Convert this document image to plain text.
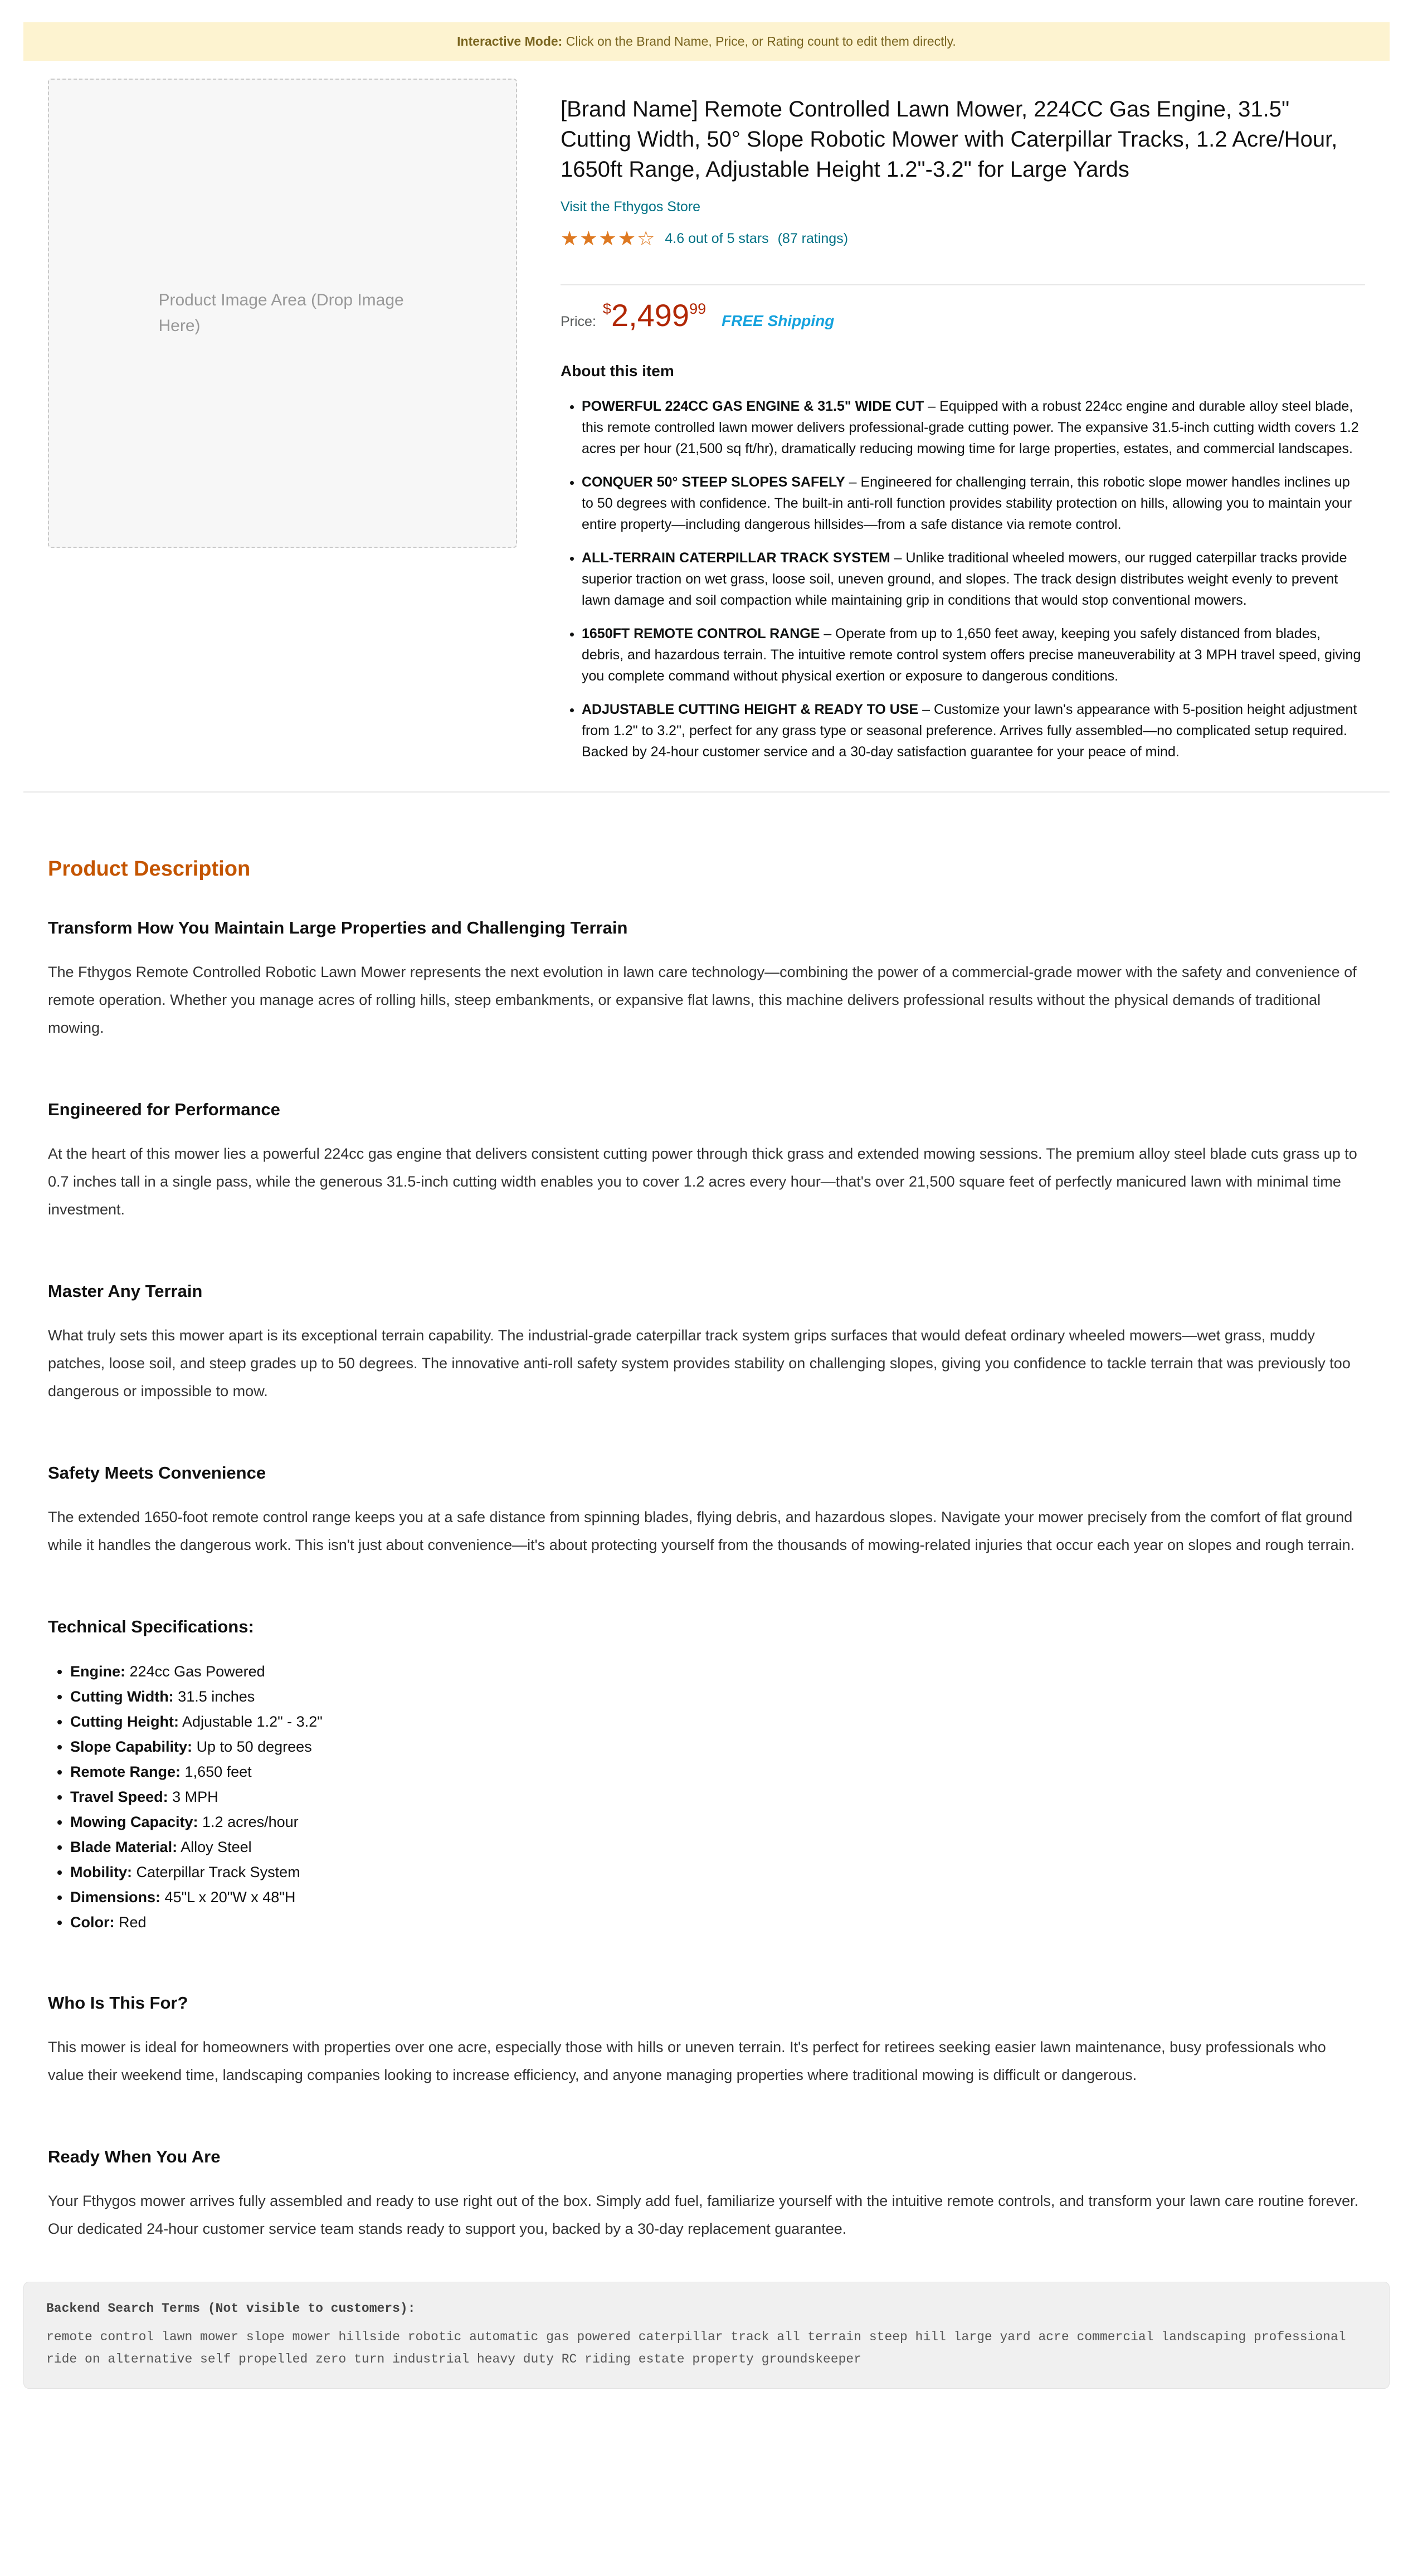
Interactive Mode: Click on the Brand Name, Price, or Rating count to edit them directly.
Product Image Area (Drop Image Here)
[Brand Name] Remote Controlled Lawn Mower, 224CC Gas Engine, 31.5" Cutting Width, 50° Slope Robotic Mower with Caterpillar Tracks, 1.2 Acre/Hour, 1650ft Range, Adjustable Height 1.2"-3.2" for Large Yards
Visit the Fthygos Store
★★★★☆ 4.6 out of 5 stars (87 ratings)
Price:
$2,499$^{99}$
FREE Shipping
About this item
• POWERFUL 224CC GAS ENGINE & 31.5" WIDE CUT – Equipped with a robust 224cc engine and durable alloy steel blade, this remote controlled lawn mower delivers professional-grade cutting power. The expansive 31.5-inch cutting width covers 1.2 acres per hour (21,500 sq ft/hr), dramatically reducing mowing time for large properties, estates, and commercial landscapes.
• CONQUER 50° STEEP SLOPES SAFELY – Engineered for challenging terrain, this robotic slope mower handles inclines up to 50 degrees with confidence. The built-in anti-roll function provides stability protection on hills, allowing you to maintain your entire property—including dangerous hillsides—from a safe distance via remote control.
• ALL-TERRAIN CATERPILLAR TRACK SYSTEM – Unlike traditional wheeled mowers, our rugged caterpillar tracks provide superior traction on wet grass, loose soil, uneven ground, and slopes. The track design distributes weight evenly to prevent lawn damage and soil compaction while maintaining grip in conditions that would stop conventional mowers.
• 1650FT REMOTE CONTROL RANGE – Operate from up to 1,650 feet away, keeping you safely distanced from blades, debris, and hazardous terrain. The intuitive remote control system offers precise maneuverability at 3 MPH travel speed, giving you complete command without physical exertion or exposure to dangerous conditions.
• ADJUSTABLE CUTTING HEIGHT & READY TO USE – Customize your lawn's appearance with 5-position height adjustment from 1.2" to 3.2", perfect for any grass type or seasonal preference. Arrives fully assembled—no complicated setup required. Backed by 24-hour customer service and a 30-day satisfaction guarantee for your peace of mind.
Product Description
Transform How You Maintain Large Properties and Challenging Terrain

The Fthygos Remote Controlled Robotic Lawn Mower represents the next evolution in lawn care technology—combining the power of a commercial-grade mower with the safety and convenience of remote operation. Whether you manage acres of rolling hills, steep embankments, or expansive flat lawns, this machine delivers professional results without the physical demands of traditional mowing.

Engineered for Performance

At the heart of this mower lies a powerful 224cc gas engine that delivers consistent cutting power through thick grass and extended mowing sessions. The premium alloy steel blade cuts grass up to 0.7 inches tall in a single pass, while the generous 31.5-inch cutting width enables you to cover 1.2 acres every hour—that's over 21,500 square feet of perfectly manicured lawn with minimal time investment.

Master Any Terrain

What truly sets this mower apart is its exceptional terrain capability. The industrial-grade caterpillar track system grips surfaces that would defeat ordinary wheeled mowers—wet grass, muddy patches, loose soil, and steep grades up to 50 degrees. The innovative anti-roll safety system provides stability on challenging slopes, giving you confidence to tackle terrain that was previously too dangerous or impossible to mow.

Safety Meets Convenience

The extended 1650-foot remote control range keeps you at a safe distance from spinning blades, flying debris, and hazardous slopes. Navigate your mower precisely from the comfort of flat ground while it handles the dangerous work. This isn't just about convenience—it's about protecting yourself from the thousands of mowing-related injuries that occur each year on slopes and rough terrain.

Technical Specifications:
• Engine: 224cc Gas Powered
• Cutting Width: 31.5 inches
• Cutting Height: Adjustable 1.2" - 3.2"
• Slope Capability: Up to 50 degrees
• Remote Range: 1,650 feet
• Travel Speed: 3 MPH
• Mowing Capacity: 1.2 acres/hour
• Blade Material: Alloy Steel
• Mobility: Caterpillar Track System
• Dimensions: 45"L x 20"W x 48"H
• Color: Red
Who Is This For?

This mower is ideal for homeowners with properties over one acre, especially those with hills or uneven terrain. It's perfect for retirees seeking easier lawn maintenance, busy professionals who value their weekend time, landscaping companies looking to increase efficiency, and anyone managing properties where traditional mowing is difficult or dangerous.

Ready When You Are

Your Fthygos mower arrives fully assembled and ready to use right out of the box. Simply add fuel, familiarize yourself with the intuitive remote controls, and transform your lawn care routine forever. Our dedicated 24-hour customer service team stands ready to support you, backed by a 30-day replacement guarantee.

Backend Search Terms (Not visible to customers):
remote control lawn mower slope mower hillside robotic automatic gas powered caterpillar track all terrain steep hill large yard acre commercial landscaping professional ride on alternative self propelled zero turn industrial heavy duty RC riding estate property groundskeeper
